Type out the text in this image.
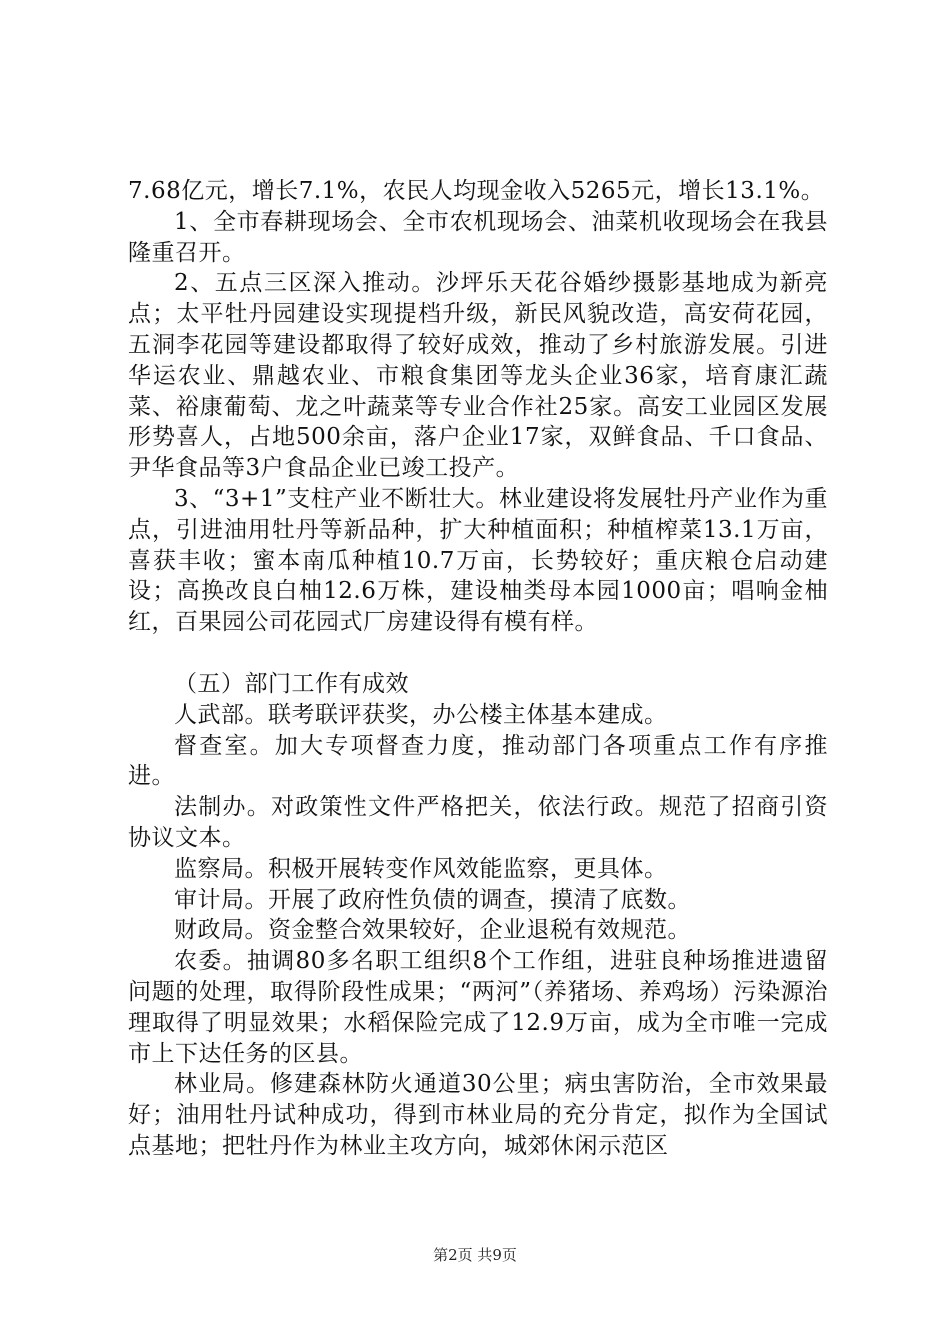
7.68亿元，增长7.1%，农民人均现金收入5265元，增长13.1%。

1、全市春耕现场会、全市农机现场会、油菜机收现场会在我县隆重召开。

2、五点三区深入推动。沙坪乐天花谷婚纱摄影基地成为新亮点；太平牡丹园建设实现提档升级，新民风貌改造，高安荷花园，五洞李花园等建设都取得了较好成效，推动了乡村旅游发展。引进华运农业、鼎越农业、市粮食集团等龙头企业36家，培育康汇蔬菜、裕康葡萄、龙之叶蔬菜等专业合作社25家。高安工业园区发展形势喜人，占地500余亩，落户企业17家，双鲜食品、千口食品、尹华食品等3户食品企业已竣工投产。

3、“3+1”支柱产业不断壮大。林业建设将发展牡丹产业作为重点，引进油用牡丹等新品种，扩大种植面积；种植榨菜13.1万亩，喜获丰收；蜜本南瓜种植10.7万亩，长势较好；重庆粮仓启动建设；高换改良白柚12.6万株，建设柚类母本园1000亩；唱响金柚红，百果园公司花园式厂房建设得有模有样。

（五）部门工作有成效

人武部。联考联评获奖，办公楼主体基本建成。

督查室。加大专项督查力度，推动部门各项重点工作有序推进。

法制办。对政策性文件严格把关，依法行政。规范了招商引资协议文本。

监察局。积极开展转变作风效能监察，更具体。

审计局。开展了政府性负债的调查，摸清了底数。

财政局。资金整合效果较好，企业退税有效规范。

农委。抽调80多名职工组织8个工作组，进驻良种场推进遗留问题的处理，取得阶段性成果；“两河”（养猪场、养鸡场）污染源治理取得了明显效果；水稻保险完成了12.9万亩，成为全市唯一完成市上下达任务的区县。

林业局。修建森林防火通道30公里；病虫害防治，全市效果最好；油用牡丹试种成功，得到市林业局的充分肯定，拟作为全国试点基地；把牡丹作为林业主攻方向，城郊休闲示范区

第2页 共9页
